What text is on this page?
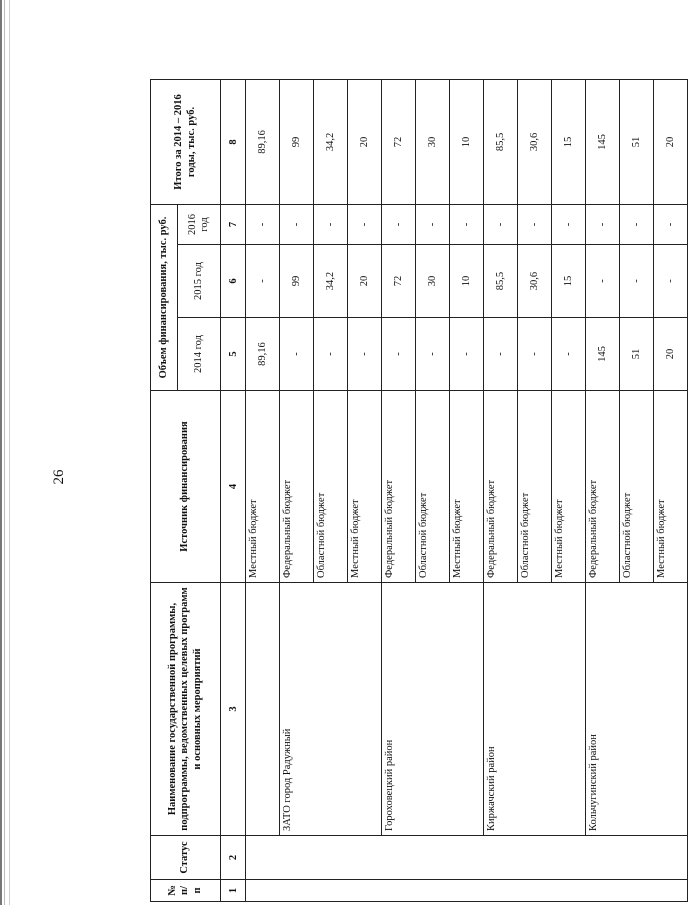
26
№ п/п	Статус	Наименование государственной программы, подпрограммы, ведомственных целевых программ и основных мероприятий	Источник финансирования	Объем финансирования, тыс. руб.			Итого за 2014 – 2016 годы, тыс. руб.
				2014 год	2015 год	2016 год	
1	2	3	4	5	6	7	8
			Местный бюджет	89,16	-	-	89,16
		ЗАТО город Радужный	Федеральный бюджет	-	99	-	99
			Областной бюджет	-	34,2	-	34,2
			Местный бюджет	-	20	-	20
		Гороховецкий район	Федеральный бюджет	-	72	-	72
			Областной бюджет	-	30	-	30
			Местный бюджет	-	10	-	10
		Киржачский район	Федеральный бюджет	-	85,5	-	85,5
			Областной бюджет	-	30,6	-	30,6
			Местный бюджет	-	15	-	15
		Кольчугинский район	Федеральный бюджет	145	-	-	145
			Областной бюджет	51	-	-	51
			Местный бюджет	20	-	-	20
